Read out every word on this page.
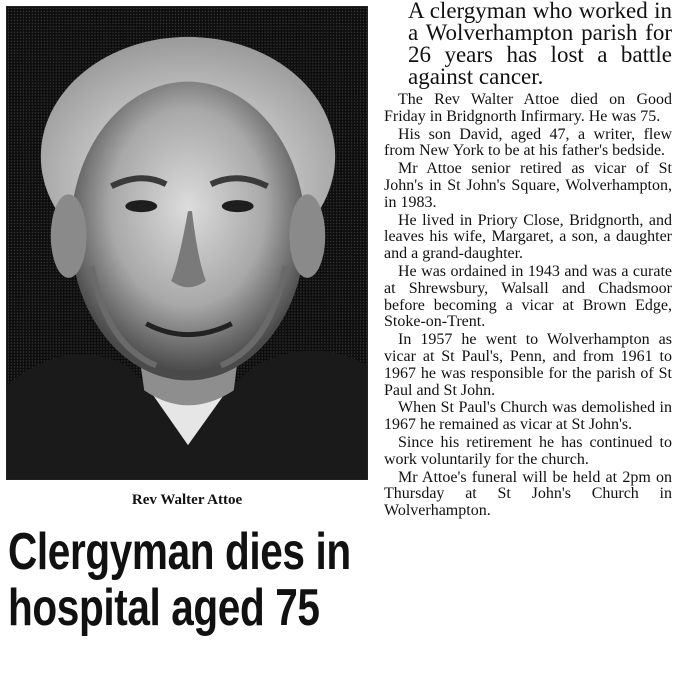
Rev Walter Attoe
Clergyman dies in
hospital aged 75

A clergyman who worked in a Wolverhampton parish for 26 years has lost a battle against cancer.

The Rev Walter Attoe died on Good Friday in Bridgnorth Infirmary. He was 75.

His son David, aged 47, a writer, flew from New York to be at his father's bedside.

Mr Attoe senior retired as vicar of St John's in St John's Square, Wolverhampton, in 1983.

He lived in Priory Close, Bridgnorth, and leaves his wife, Margaret, a son, a daughter and a grand-daughter.

He was ordained in 1943 and was a curate at Shrewsbury, Walsall and Chadsmoor before becoming a vicar at Brown Edge, Stoke-on-Trent.

In 1957 he went to Wolverhampton as vicar at St Paul's, Penn, and from 1961 to 1967 he was responsible for the parish of St Paul and St John.

When St Paul's Church was demolished in 1967 he remained as vicar at St John's.

Since his retirement he has continued to work voluntarily for the church.

Mr Attoe's funeral will be held at 2pm on Thursday at St John's Church in Wolverhampton.
